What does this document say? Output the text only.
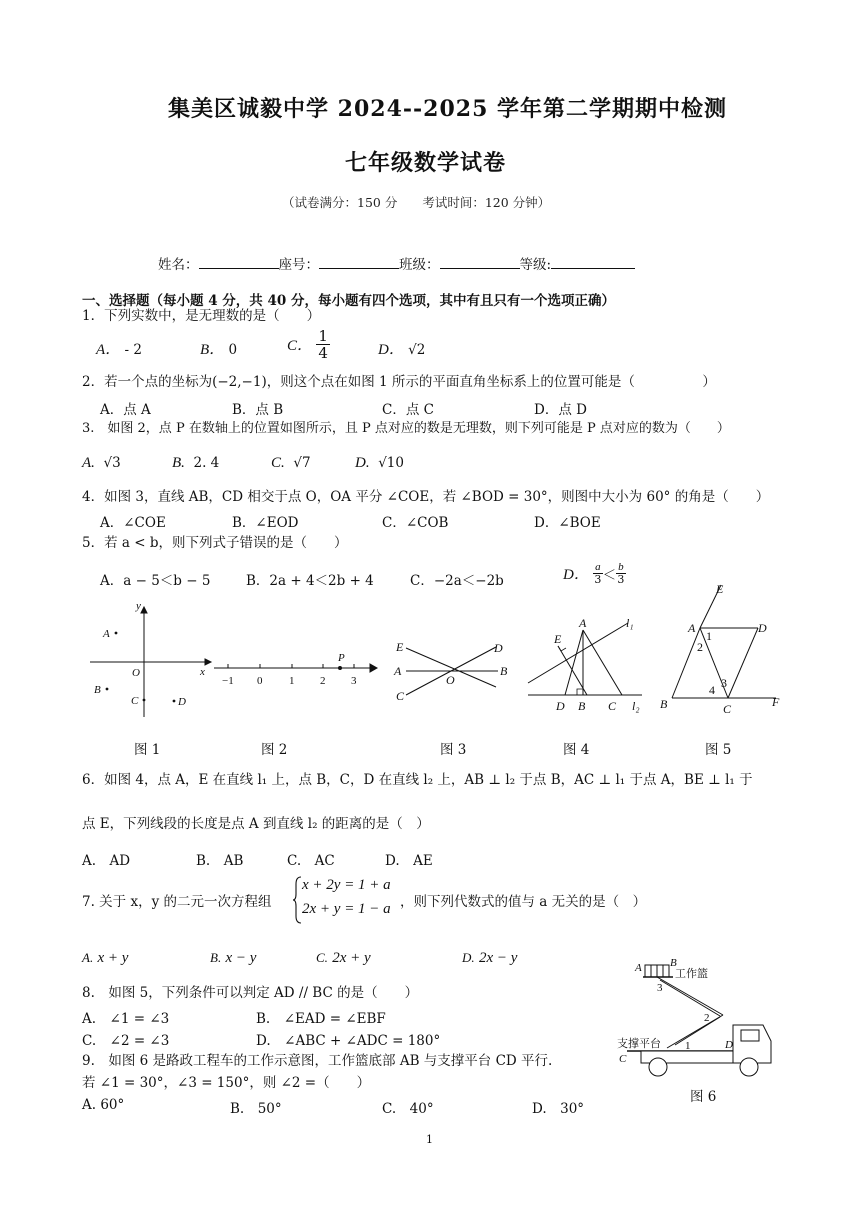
集美区诚毅中学 2024--2025 学年第二学期期中检测
七年级数学试卷
（试卷满分：150 分　　考试时间：120 分钟）
姓名：	座号：	班级：	等级:
一、选择题（每小题 4 分，共 40 分，每小题有四个选项，其中有且只有一个选项正确）
1．下列实数中，是无理数的是（　　）
A． - 2	B． 0	C． $\frac{1}{4}$	D． √2
2．若一个点的坐标为(−2,−1)，则这个点在如图 1 所示的平面直角坐标系上的位置可能是（　　　　　）
A．点 A	B．点 B	C．点 C	D．点 D
3.　如图 2，点 P 在数轴上的位置如图所示，且 P 点对应的数是无理数，则下列可能是 P 点对应的数为（　　）
A. √3	B. 2. 4	C. √7	D. √10
4．如图 3，直线 AB，CD 相交于点 O，OA 平分 ∠COE，若 ∠BOD = 30°，则图中大小为 60° 的角是（　　）
A．∠COE	B．∠EOD	C．∠COB	D．∠BOE
5．若 a < b，则下列式子错误的是（　　）
A．a − 5＜b − 5	B．2a + 4＜2b + 4	C．−2a＜−2b	D． $\frac{a}{3} < \frac{b}{3}$
y
x
O
A
B
C	D
−1 0 1 2 3
P
E
A
C
O
D
B
E
A	l₁
D B C l₂
E
A	D
1
2
3
4
B	C	F
图 1	图 2	图 3	图 4	图 5
6．如图 4，点 A，E 在直线 l₁ 上，点 B，C，D 在直线 l₂ 上，AB ⊥ l₂ 于点 B，AC ⊥ l₁ 于点 A，BE ⊥ l₁ 于
点 E，下列线段的长度是点 A 到直线 l₂ 的距离的是（　）
A.　AD	B.　AB	C.　AC	D.　AE
7. 关于 x，y 的二元一次方程组
x + 2y = 1 + a
2x + y = 1 − a ，则下列代数式的值与 a 无关的是（　）
A. x + y	B. x − y	C. 2x + y	D. 2x − y
8.　如图 5，下列条件可以判定 AD // BC 的是（　　）
A.　∠1 = ∠3	B.　∠EAD = ∠EBF
C.　∠2 = ∠3	D.　∠ABC + ∠ADC = 180°
9.　如图 6 是路政工程车的工作示意图，工作篮底部 AB 与支撑平台 CD 平行.
若 ∠1 = 30°，∠3 = 150°，则 ∠2 =（　　）
A. 60°	B.　50°	C.　40°	D.　30°
A	B
工作篮
3
2
支撑平台 1
C
D
图 6
1
